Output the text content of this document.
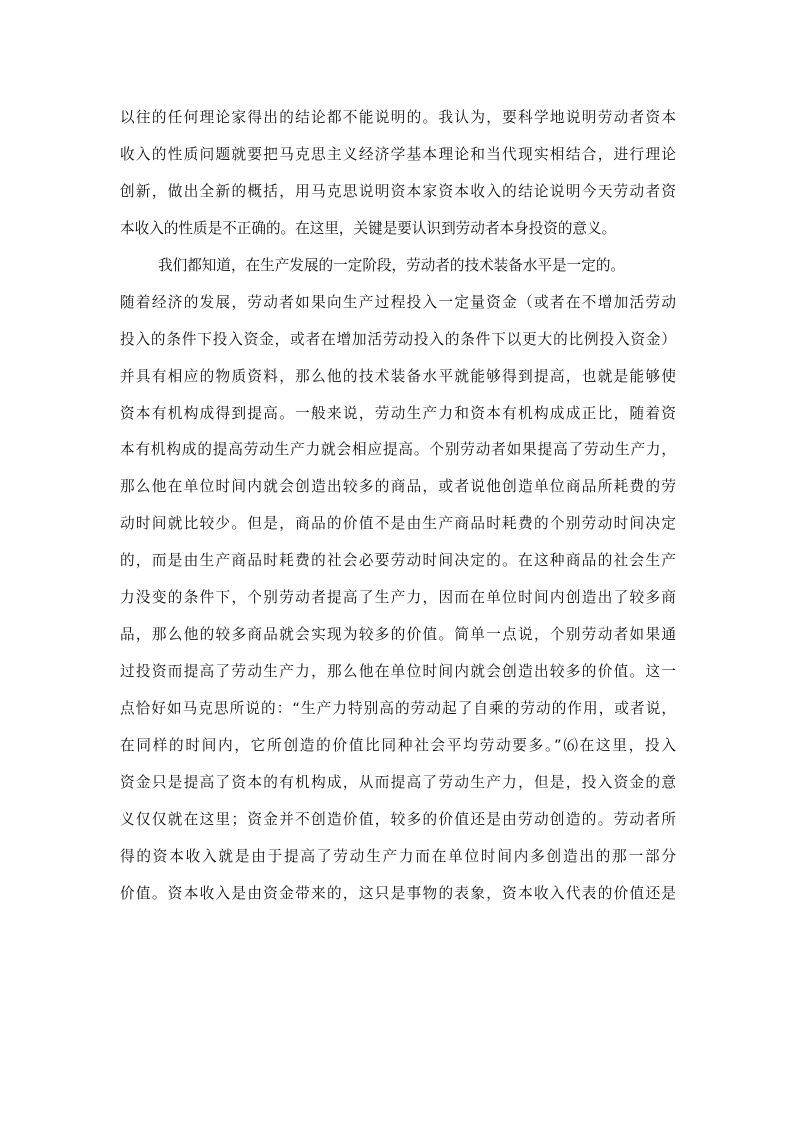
以往的任何理论家得出的结论都不能说明的。我认为，要科学地说明劳动者资本
收入的性质问题就要把马克思主义经济学基本理论和当代现实相结合，进行理论
创新，做出全新的概括，用马克思说明资本家资本收入的结论说明今天劳动者资
本收入的性质是不正确的。在这里，关键是要认识到劳动者本身投资的意义。
我们都知道，在生产发展的一定阶段，劳动者的技术装备水平是一定的。
随着经济的发展，劳动者如果向生产过程投入一定量资金（或者在不增加活劳动
投入的条件下投入资金，或者在增加活劳动投入的条件下以更大的比例投入资金）
并具有相应的物质资料，那么他的技术装备水平就能够得到提高，也就是能够使
资本有机构成得到提高。一般来说，劳动生产力和资本有机构成成正比，随着资
本有机构成的提高劳动生产力就会相应提高。个别劳动者如果提高了劳动生产力，
那么他在单位时间内就会创造出较多的商品，或者说他创造单位商品所耗费的劳
动时间就比较少。但是，商品的价值不是由生产商品时耗费的个别劳动时间决定
的，而是由生产商品时耗费的社会必要劳动时间决定的。在这种商品的社会生产
力没变的条件下，个别劳动者提高了生产力，因而在单位时间内创造出了较多商
品，那么他的较多商品就会实现为较多的价值。简单一点说，个别劳动者如果通
过投资而提高了劳动生产力，那么他在单位时间内就会创造出较多的价值。这一
点恰好如马克思所说的：“生产力特别高的劳动起了自乘的劳动的作用，或者说，
在同样的时间内，它所创造的价值比同种社会平均劳动要多。”⑹在这里，投入
资金只是提高了资本的有机构成，从而提高了劳动生产力，但是，投入资金的意
义仅仅就在这里；资金并不创造价值，较多的价值还是由劳动创造的。劳动者所
得的资本收入就是由于提高了劳动生产力而在单位时间内多创造出的那一部分
价值。资本收入是由资金带来的，这只是事物的表象，资本收入代表的价值还是
